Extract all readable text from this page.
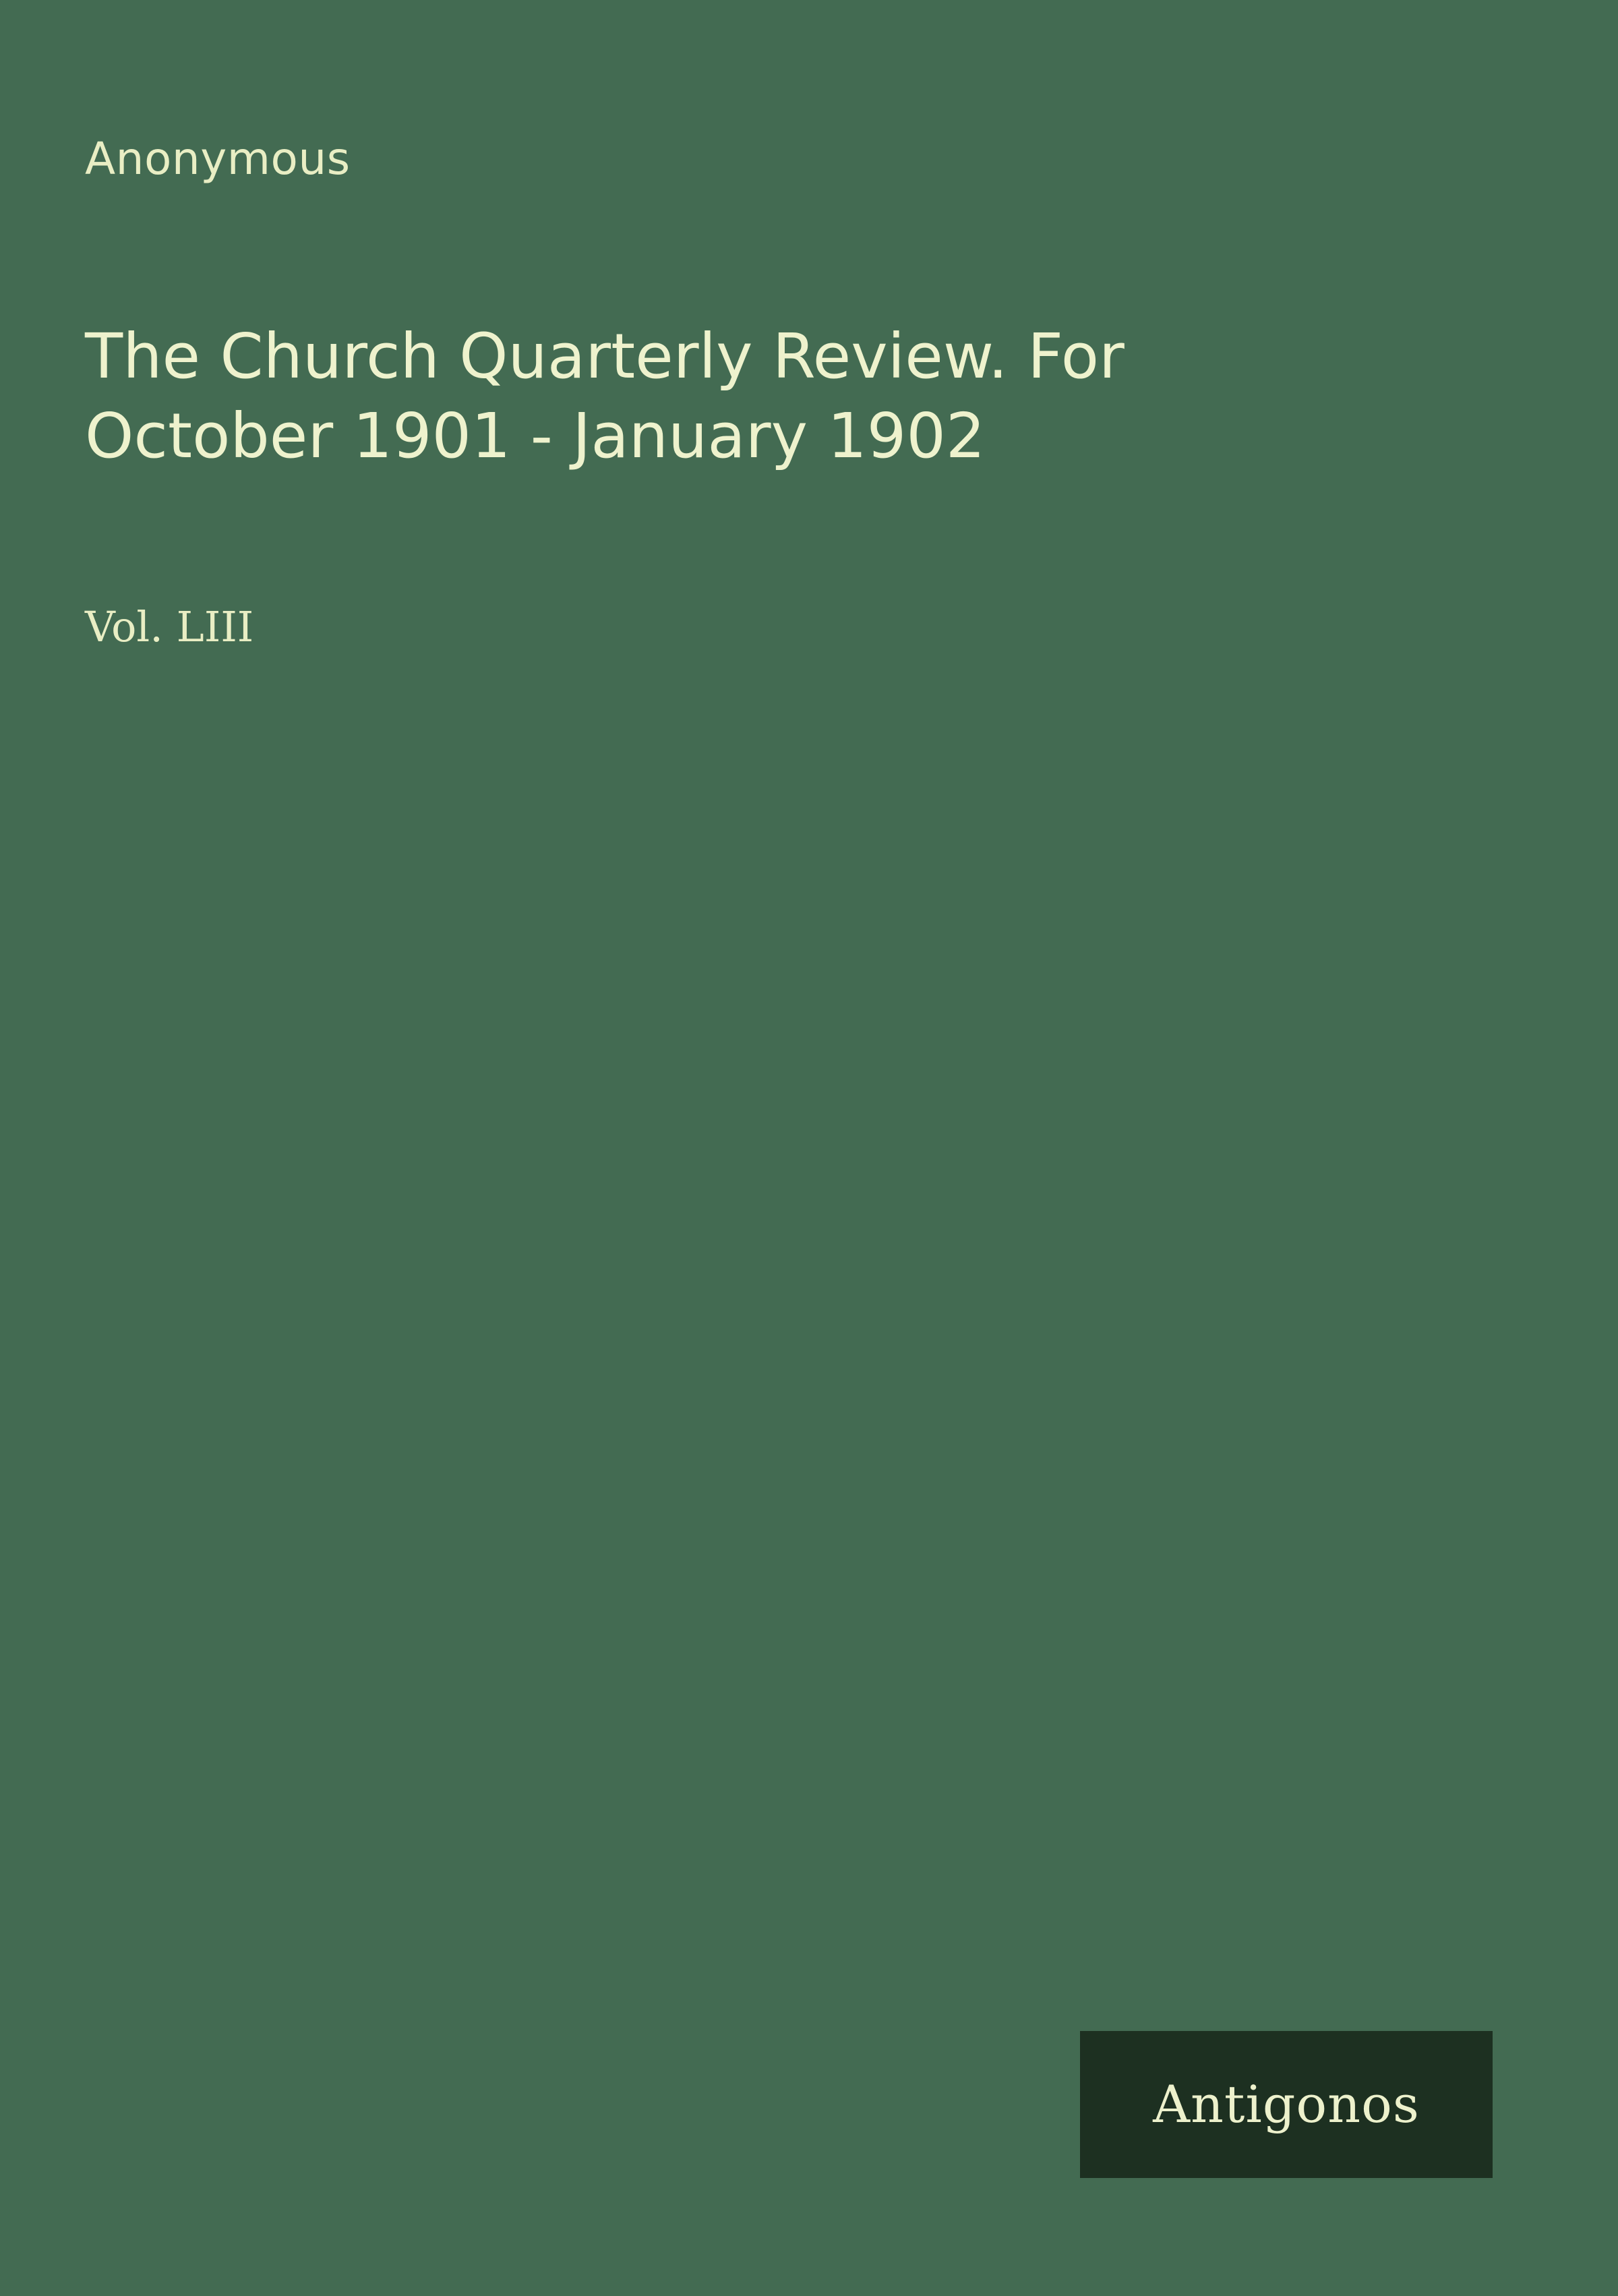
Anonymous
The Church Quarterly Review. For October 1901 - January 1902
Vol. LIII
Antigonos
